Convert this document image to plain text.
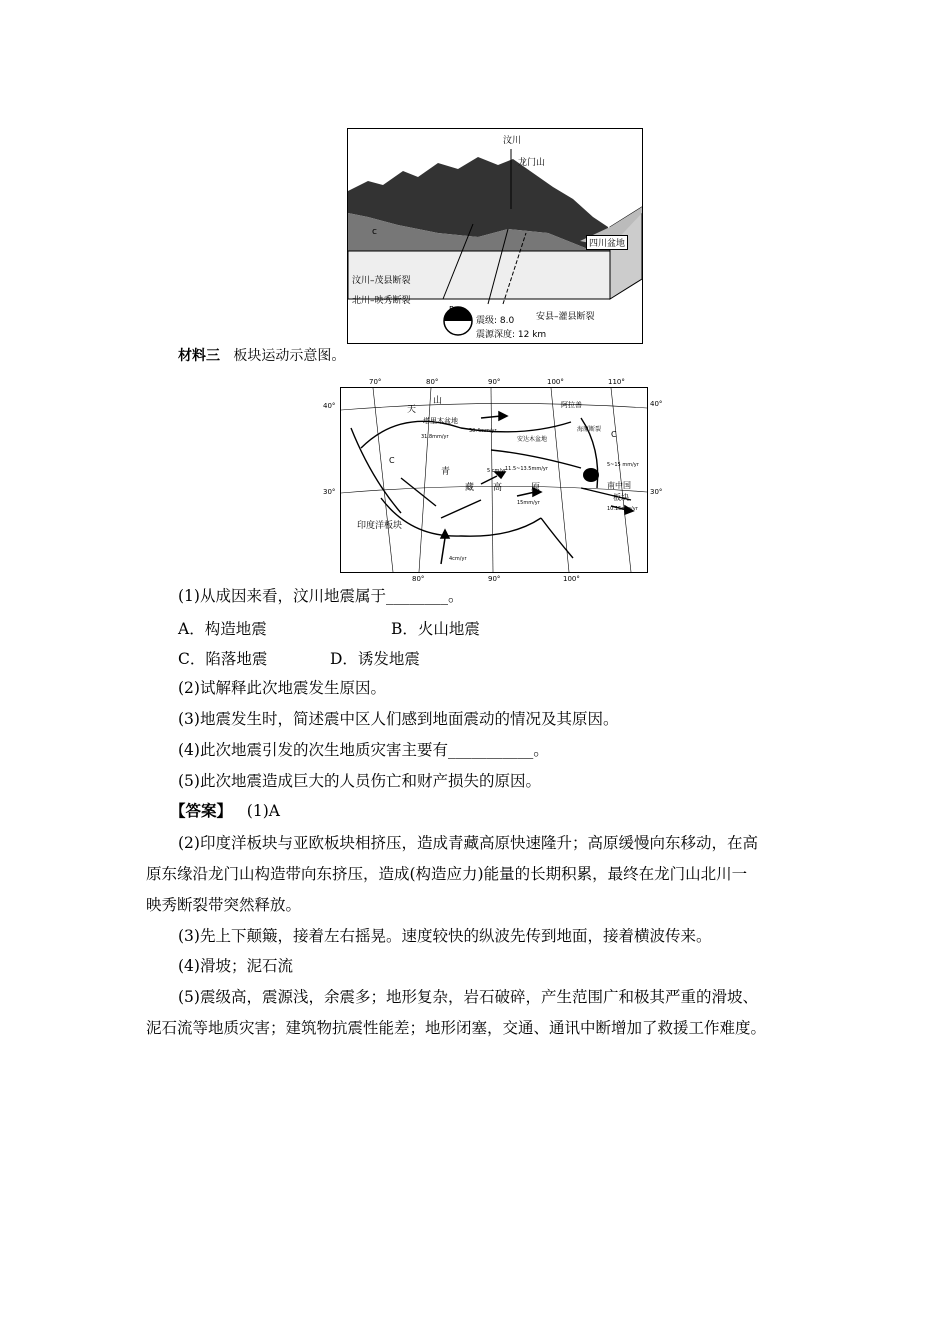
汶川
龙门山
c
四川盆地
汶川–茂县断裂
北川–映秀断裂
安县–灌县断裂
震级: 8.0
震源深度: 12 km
P
T
材料三 板块运动示意图。
70°	80°	90°	100°	110°
40°
30°
40°
30°
80°	90°	100°
天
山
塔里木盆地
阿拉善
C
C
青
藏 高	原	南中国
板块
印度洋板块
海原断裂
安达木盆地
5 cm/yr
4cm/yr
15mm/yr
10.15mm/yr
5~15 mm/yr
11.5~13.5mm/yr
30.4mm/yr
31.8mm/yr
(1)从成因来看，汶川地震属于________。
A．构造地震	B．火山地震
C．陷落地震	D．诱发地震
(2)试解释此次地震发生原因。
(3)地震发生时，简述震中区人们感到地面震动的情况及其原因。
(4)此次地震引发的次生地质灾害主要有___________。
(5)此次地震造成巨大的人员伤亡和财产损失的原因。
【答案】 (1)A
(2)印度洋板块与亚欧板块相挤压，造成青藏高原快速隆升；高原缓慢向东移动，在高
原东缘沿龙门山构造带向东挤压，造成(构造应力)能量的长期积累，最终在龙门山北川一
映秀断裂带突然释放。
(3)先上下颠簸，接着左右摇晃。速度较快的纵波先传到地面，接着横波传来。
(4)滑坡；泥石流
(5)震级高，震源浅，余震多；地形复杂，岩石破碎，产生范围广和极其严重的滑坡、
泥石流等地质灾害；建筑物抗震性能差；地形闭塞，交通、通讯中断增加了救援工作难度。
